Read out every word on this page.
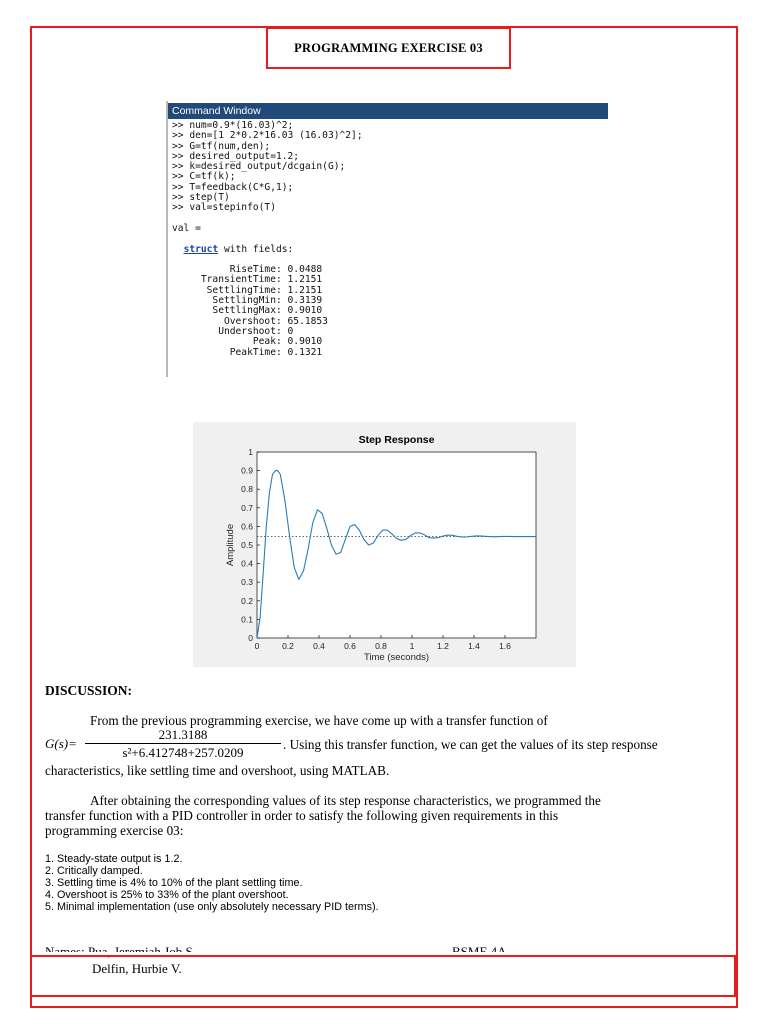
PROGRAMMING EXERCISE 03
Command Window
>> num=0.9*(16.03)^2;
>> den=[1 2*0.2*16.03 (16.03)^2];
>> G=tf(num,den);
>> desired_output=1.2;
>> k=desired_output/dcgain(G);
>> C=tf(k);
>> T=feedback(C*G,1);
>> step(T)
>> val=stepinfo(T)

val =

struct with fields:

RiseTime: 0.0488
TransientTime: 1.2151
SettlingTime: 1.2151
SettlingMin: 0.3139
SettlingMax: 0.9010
Overshoot: 65.1853
Undershoot: 0
Peak: 0.9010
PeakTime: 0.1321
Step Response
0	0.2 0.4 0.6 0.8	1	1.2 1.4 1.6
0
0.1
0.2
0.3
0.4
0.5
0.6
0.7
0.8
0.9
1
Time (seconds)
Amplitude
DISCUSSION:
From the previous programming exercise, we have come up with a transfer function of
$G(s)= \frac{231.3188}{\text{s²+6.412748+257.0209}}$ . Using this transfer function, we can get the values of its step response
characteristics, like settling time and overshoot, using MATLAB.
After obtaining the corresponding values of its step response characteristics, we programmed the
transfer function with a PID controller in order to satisfy the following given requirements in this
programming exercise 03:
1. Steady-state output is 1.2.
2. Critically damped.
3. Settling time is 4% to 10% of the plant settling time.
4. Overshoot is 25% to 33% of the plant overshoot.
5. Minimal implementation (use only absolutely necessary PID terms).
Delfin, Hurbie V.
